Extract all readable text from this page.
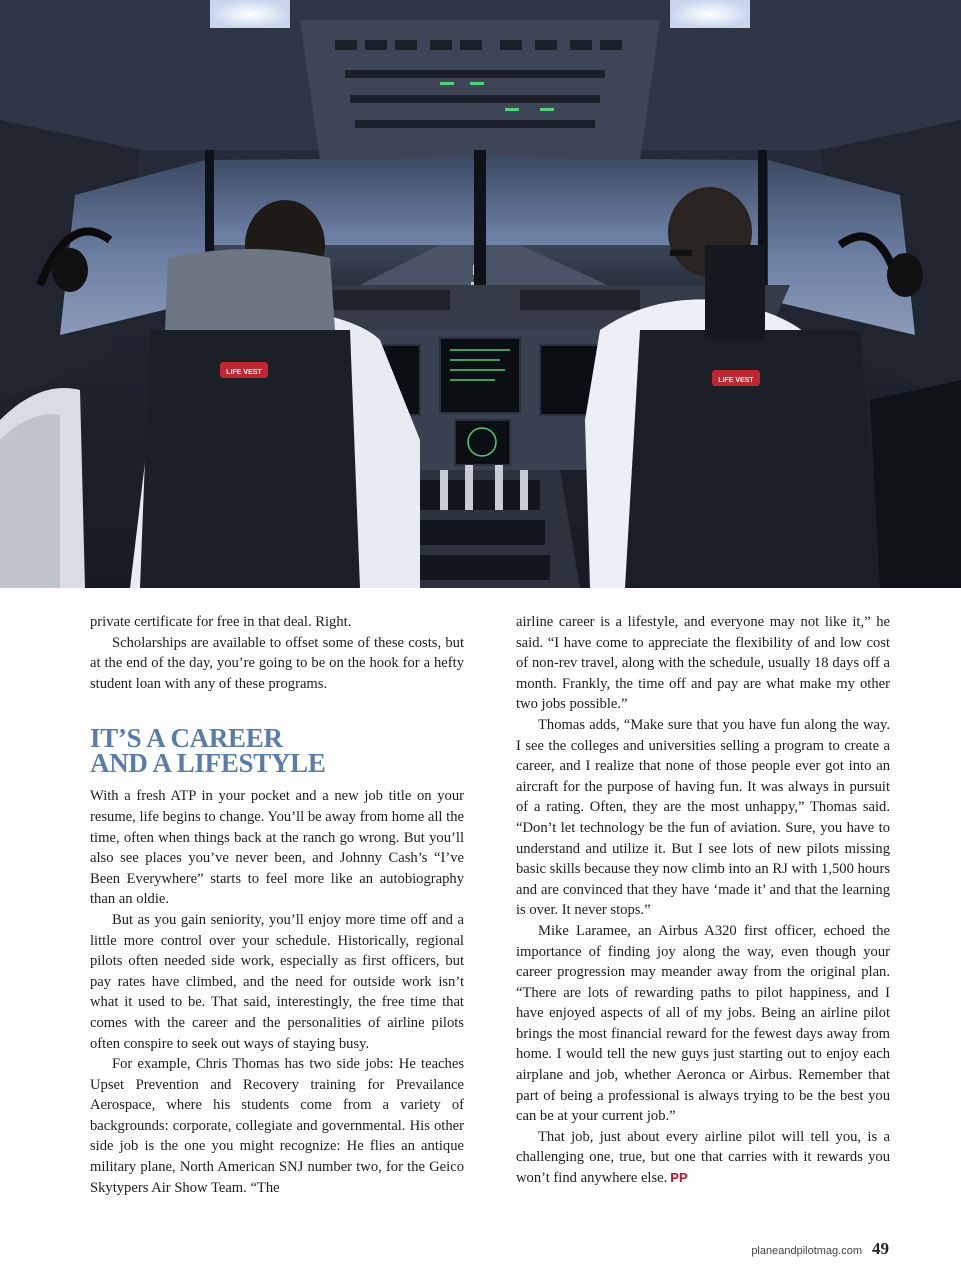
LIFE VEST
LIFE VEST

private certificate for free in that deal. Right.

Scholarships are available to offset some of these costs, but at the end of the day, you’re going to be on the hook for a hefty student loan with any of these programs.

IT’S A CAREER
AND A LIFESTYLE

With a fresh ATP in your pocket and a new job title on your resume, life begins to change. You’ll be away from home all the time, often when things back at the ranch go wrong. But you’ll also see places you’ve never been, and Johnny Cash’s “I’ve Been Everywhere” starts to feel more like an autobiography than an oldie.

But as you gain seniority, you’ll enjoy more time off and a little more control over your schedule. Historically, regional pilots often needed side work, especially as first officers, but pay rates have climbed, and the need for outside work isn’t what it used to be. That said, interestingly, the free time that comes with the career and the personalities of airline pilots often conspire to seek out ways of staying busy.

For example, Chris Thomas has two side jobs: He teaches Upset Prevention and Recovery training for Prevailance Aerospace, where his students come from a variety of backgrounds: corporate, collegiate and governmental. His other side job is the one you might recognize: He flies an antique military plane, North American SNJ number two, for the Geico Skytypers Air Show Team. “The

airline career is a lifestyle, and everyone may not like it,” he said. “I have come to appreciate the flexibility of and low cost of non-rev travel, along with the schedule, usually 18 days off a month. Frankly, the time off and pay are what make my other two jobs possible.”

Thomas adds, “Make sure that you have fun along the way. I see the colleges and universities selling a program to create a career, and I realize that none of those people ever got into an aircraft for the purpose of having fun. It was always in pursuit of a rating. Often, they are the most unhappy,” Thomas said. “Don’t let technology be the fun of aviation. Sure, you have to understand and utilize it. But I see lots of new pilots missing basic skills because they now climb into an RJ with 1,500 hours and are convinced that they have ‘made it’ and that the learning is over. It never stops.”

Mike Laramee, an Airbus A320 first officer, echoed the importance of finding joy along the way, even though your career progression may meander away from the original plan. “There are lots of rewarding paths to pilot happiness, and I have enjoyed aspects of all of my jobs. Being an airline pilot brings the most financial reward for the fewest days away from home. I would tell the new guys just starting out to enjoy each airplane and job, whether Aeronca or Airbus. Remember that part of being a professional is always trying to be the best you can be at your current job.”

That job, just about every airline pilot will tell you, is a challenging one, true, but one that carries with it rewards you won’t find anywhere else. PP

planeandpilotmag.com 49
